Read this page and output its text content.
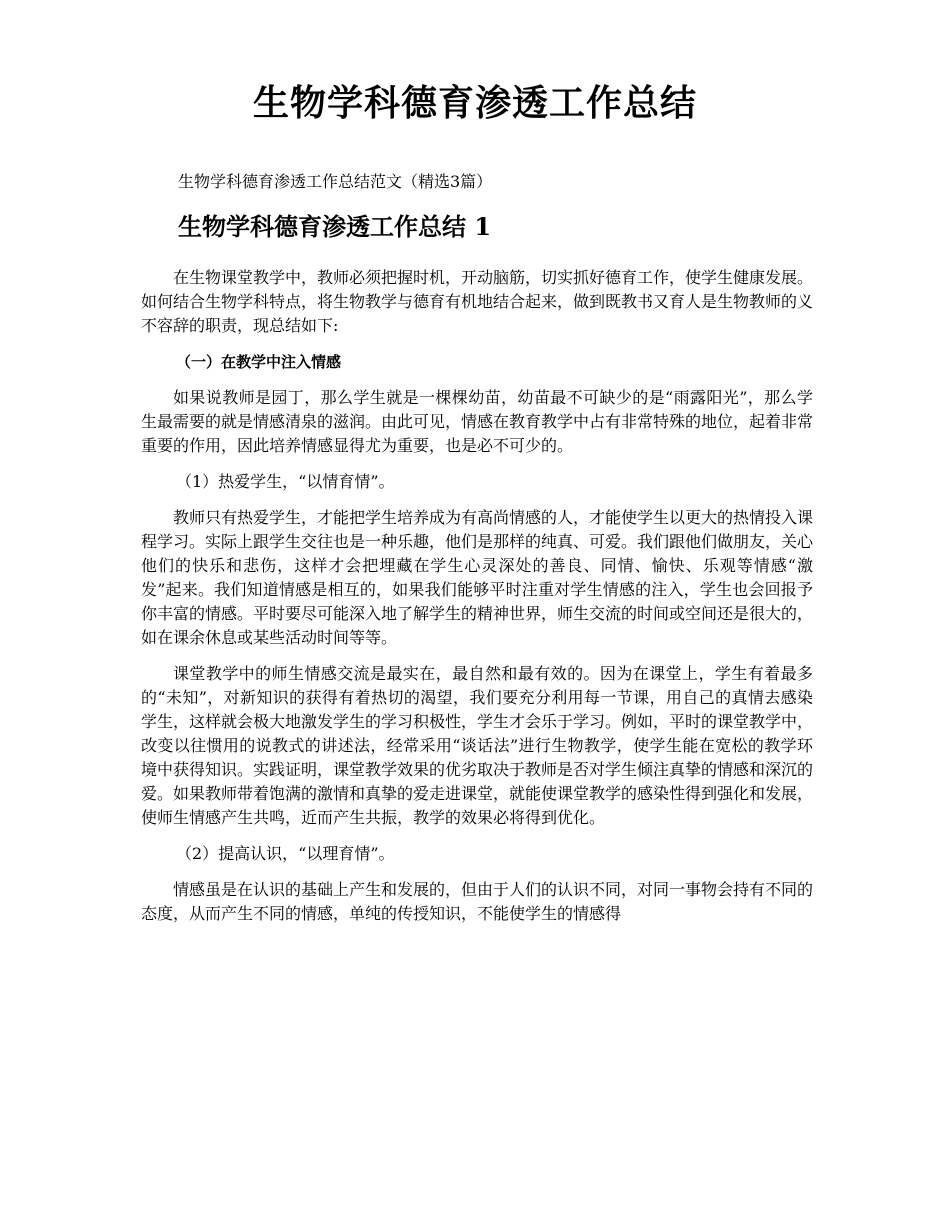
生物学科德育渗透工作总结
生物学科德育渗透工作总结范文（精选3篇）
生物学科德育渗透工作总结 1

在生物课堂教学中，教师必须把握时机，开动脑筋，切实抓好德育工作，使学生健康发展。如何结合生物学科特点，将生物教学与德育有机地结合起来，做到既教书又育人是生物教师的义不容辞的职责，现总结如下:

（一）在教学中注入情感

如果说教师是园丁，那么学生就是一棵棵幼苗，幼苗最不可缺少的是“雨露阳光”，那么学生最需要的就是情感清泉的滋润。由此可见，情感在教育教学中占有非常特殊的地位，起着非常重要的作用，因此培养情感显得尤为重要，也是必不可少的。

（1）热爱学生，“以情育情”。

教师只有热爱学生，才能把学生培养成为有高尚情感的人，才能使学生以更大的热情投入课程学习。实际上跟学生交往也是一种乐趣，他们是那样的纯真、可爱。我们跟他们做朋友，关心他们的快乐和悲伤，这样才会把埋藏在学生心灵深处的善良、同情、愉快、乐观等情感“激发”起来。我们知道情感是相互的，如果我们能够平时注重对学生情感的注入，学生也会回报予你丰富的情感。平时要尽可能深入地了解学生的精神世界，师生交流的时间或空间还是很大的，如在课余休息或某些活动时间等等。

课堂教学中的师生情感交流是最实在，最自然和最有效的。因为在课堂上，学生有着最多的“未知”，对新知识的获得有着热切的渴望，我们要充分利用每一节课，用自己的真情去感染学生，这样就会极大地激发学生的学习积极性，学生才会乐于学习。例如，平时的课堂教学中，改变以往惯用的说教式的讲述法，经常采用“谈话法”进行生物教学，使学生能在宽松的教学环境中获得知识。实践证明，课堂教学效果的优劣取决于教师是否对学生倾注真挚的情感和深沉的爱。如果教师带着饱满的激情和真挚的爱走进课堂，就能使课堂教学的感染性得到强化和发展，使师生情感产生共鸣，近而产生共振，教学的效果必将得到优化。

（2）提高认识，“以理育情”。

情感虽是在认识的基础上产生和发展的，但由于人们的认识不同，对同一事物会持有不同的态度，从而产生不同的情感，单纯的传授知识，不能使学生的情感得
